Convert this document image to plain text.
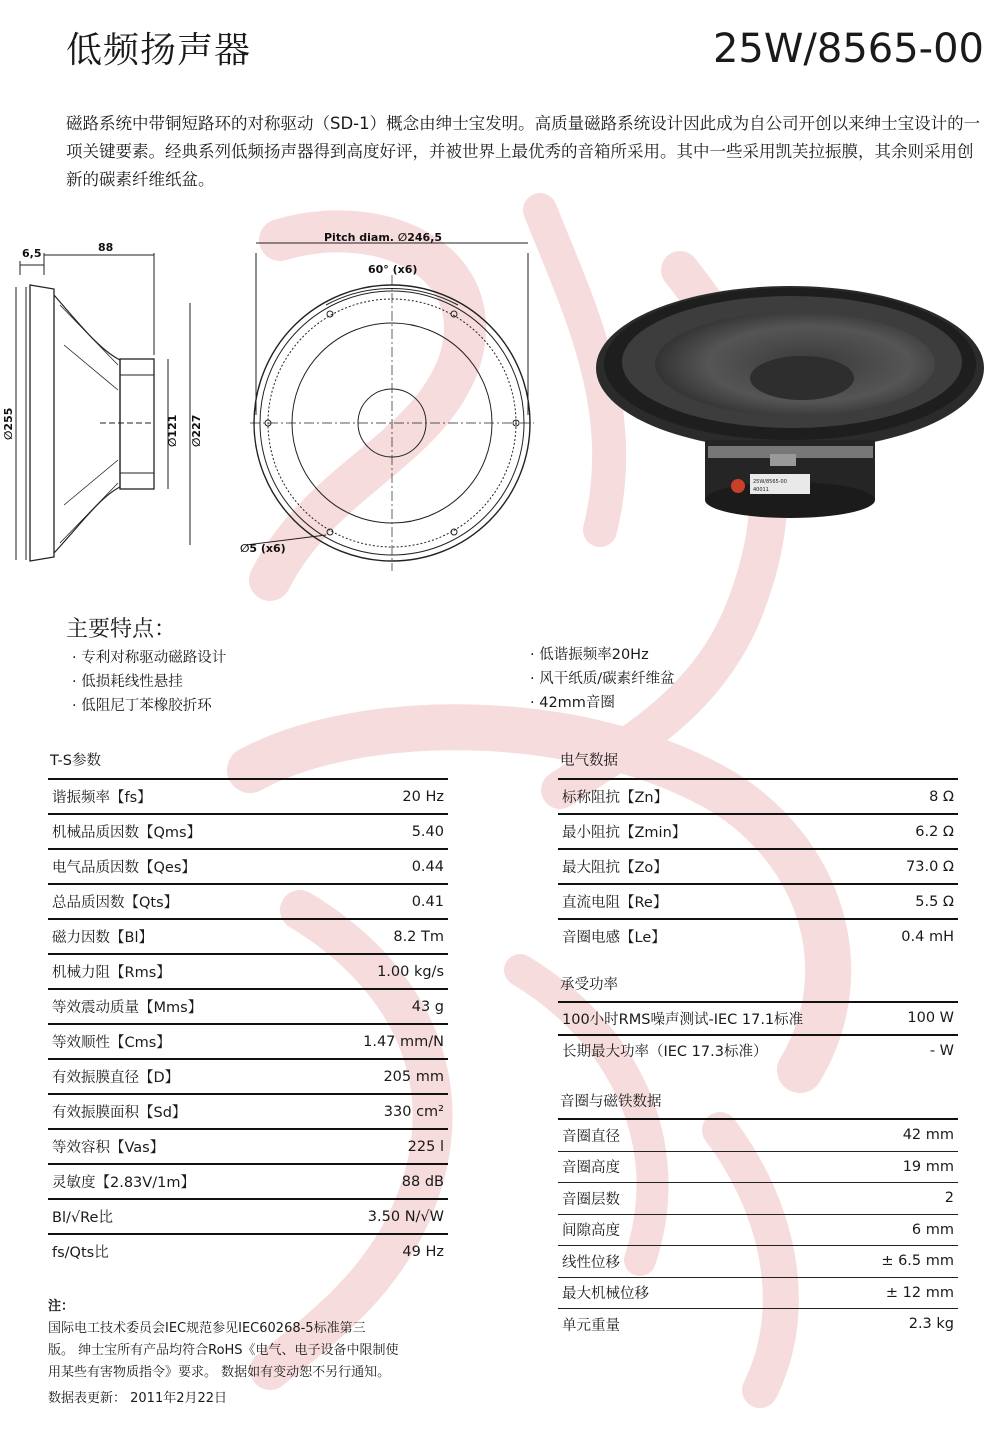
低频扬声器	25W/8565-00
磁路系统中带铜短路环的对称驱动（SD-1）概念由绅士宝发明。高质量磁路系统设计因此成为自公司开创以来绅士宝设计的一项关键要素。经典系列低频扬声器得到高度好评，并被世界上最优秀的音箱所采用。其中一些采用凯芙拉振膜，其余则采用创新的碳素纤维纸盆。
6,5	88
Pitch diam. ∅246,5
60° (x6)
∅5 (x6)
∅255	∅121 ∅227
25W/8565-00
40011
主要特点：
· 专利对称驱动磁路设计
· 低损耗线性悬挂
· 低阻尼丁苯橡胶折环
· 低谐振频率20Hz
· 风干纸质/碳素纤维盆
· 42mm音圈
T-S参数
谐振频率【fs】	20 Hz
机械品质因数【Qms】	5.40
电气品质因数【Qes】	0.44
总品质因数【Qts】	0.41
磁力因数【Bl】	8.2 Tm
机械力阻【Rms】	1.00 kg/s
等效震动质量【Mms】	43 g
等效顺性【Cms】	1.47 mm/N
有效振膜直径【D】	205 mm
有效振膜面积【Sd】	330 cm²
等效容积【Vas】	225 l
灵敏度【2.83V/1m】	88 dB
Bl/√Re比	3.50 N/√W
fs/Qts比	49 Hz
电气数据
标称阻抗【Zn】	8 Ω
最小阻抗【Zmin】	6.2 Ω
最大阻抗【Zo】	73.0 Ω
直流电阻【Re】	5.5 Ω
音圈电感【Le】	0.4 mH
承受功率
100小时RMS噪声测试-IEC 17.1标准	100 W
长期最大功率（IEC 17.3标准）	- W
音圈与磁铁数据
音圈直径	42 mm
音圈高度	19 mm
音圈层数	2
间隙高度	6 mm
线性位移	± 6.5 mm
最大机械位移	± 12 mm
单元重量	2.3 kg
注：
国际电工技术委员会IEC规范参见IEC60268-5标准第三
版。 绅士宝所有产品均符合RoHS《电气、电子设备中限制使
用某些有害物质指令》要求。 数据如有变动恕不另行通知。
数据表更新： 2011年2月22日
